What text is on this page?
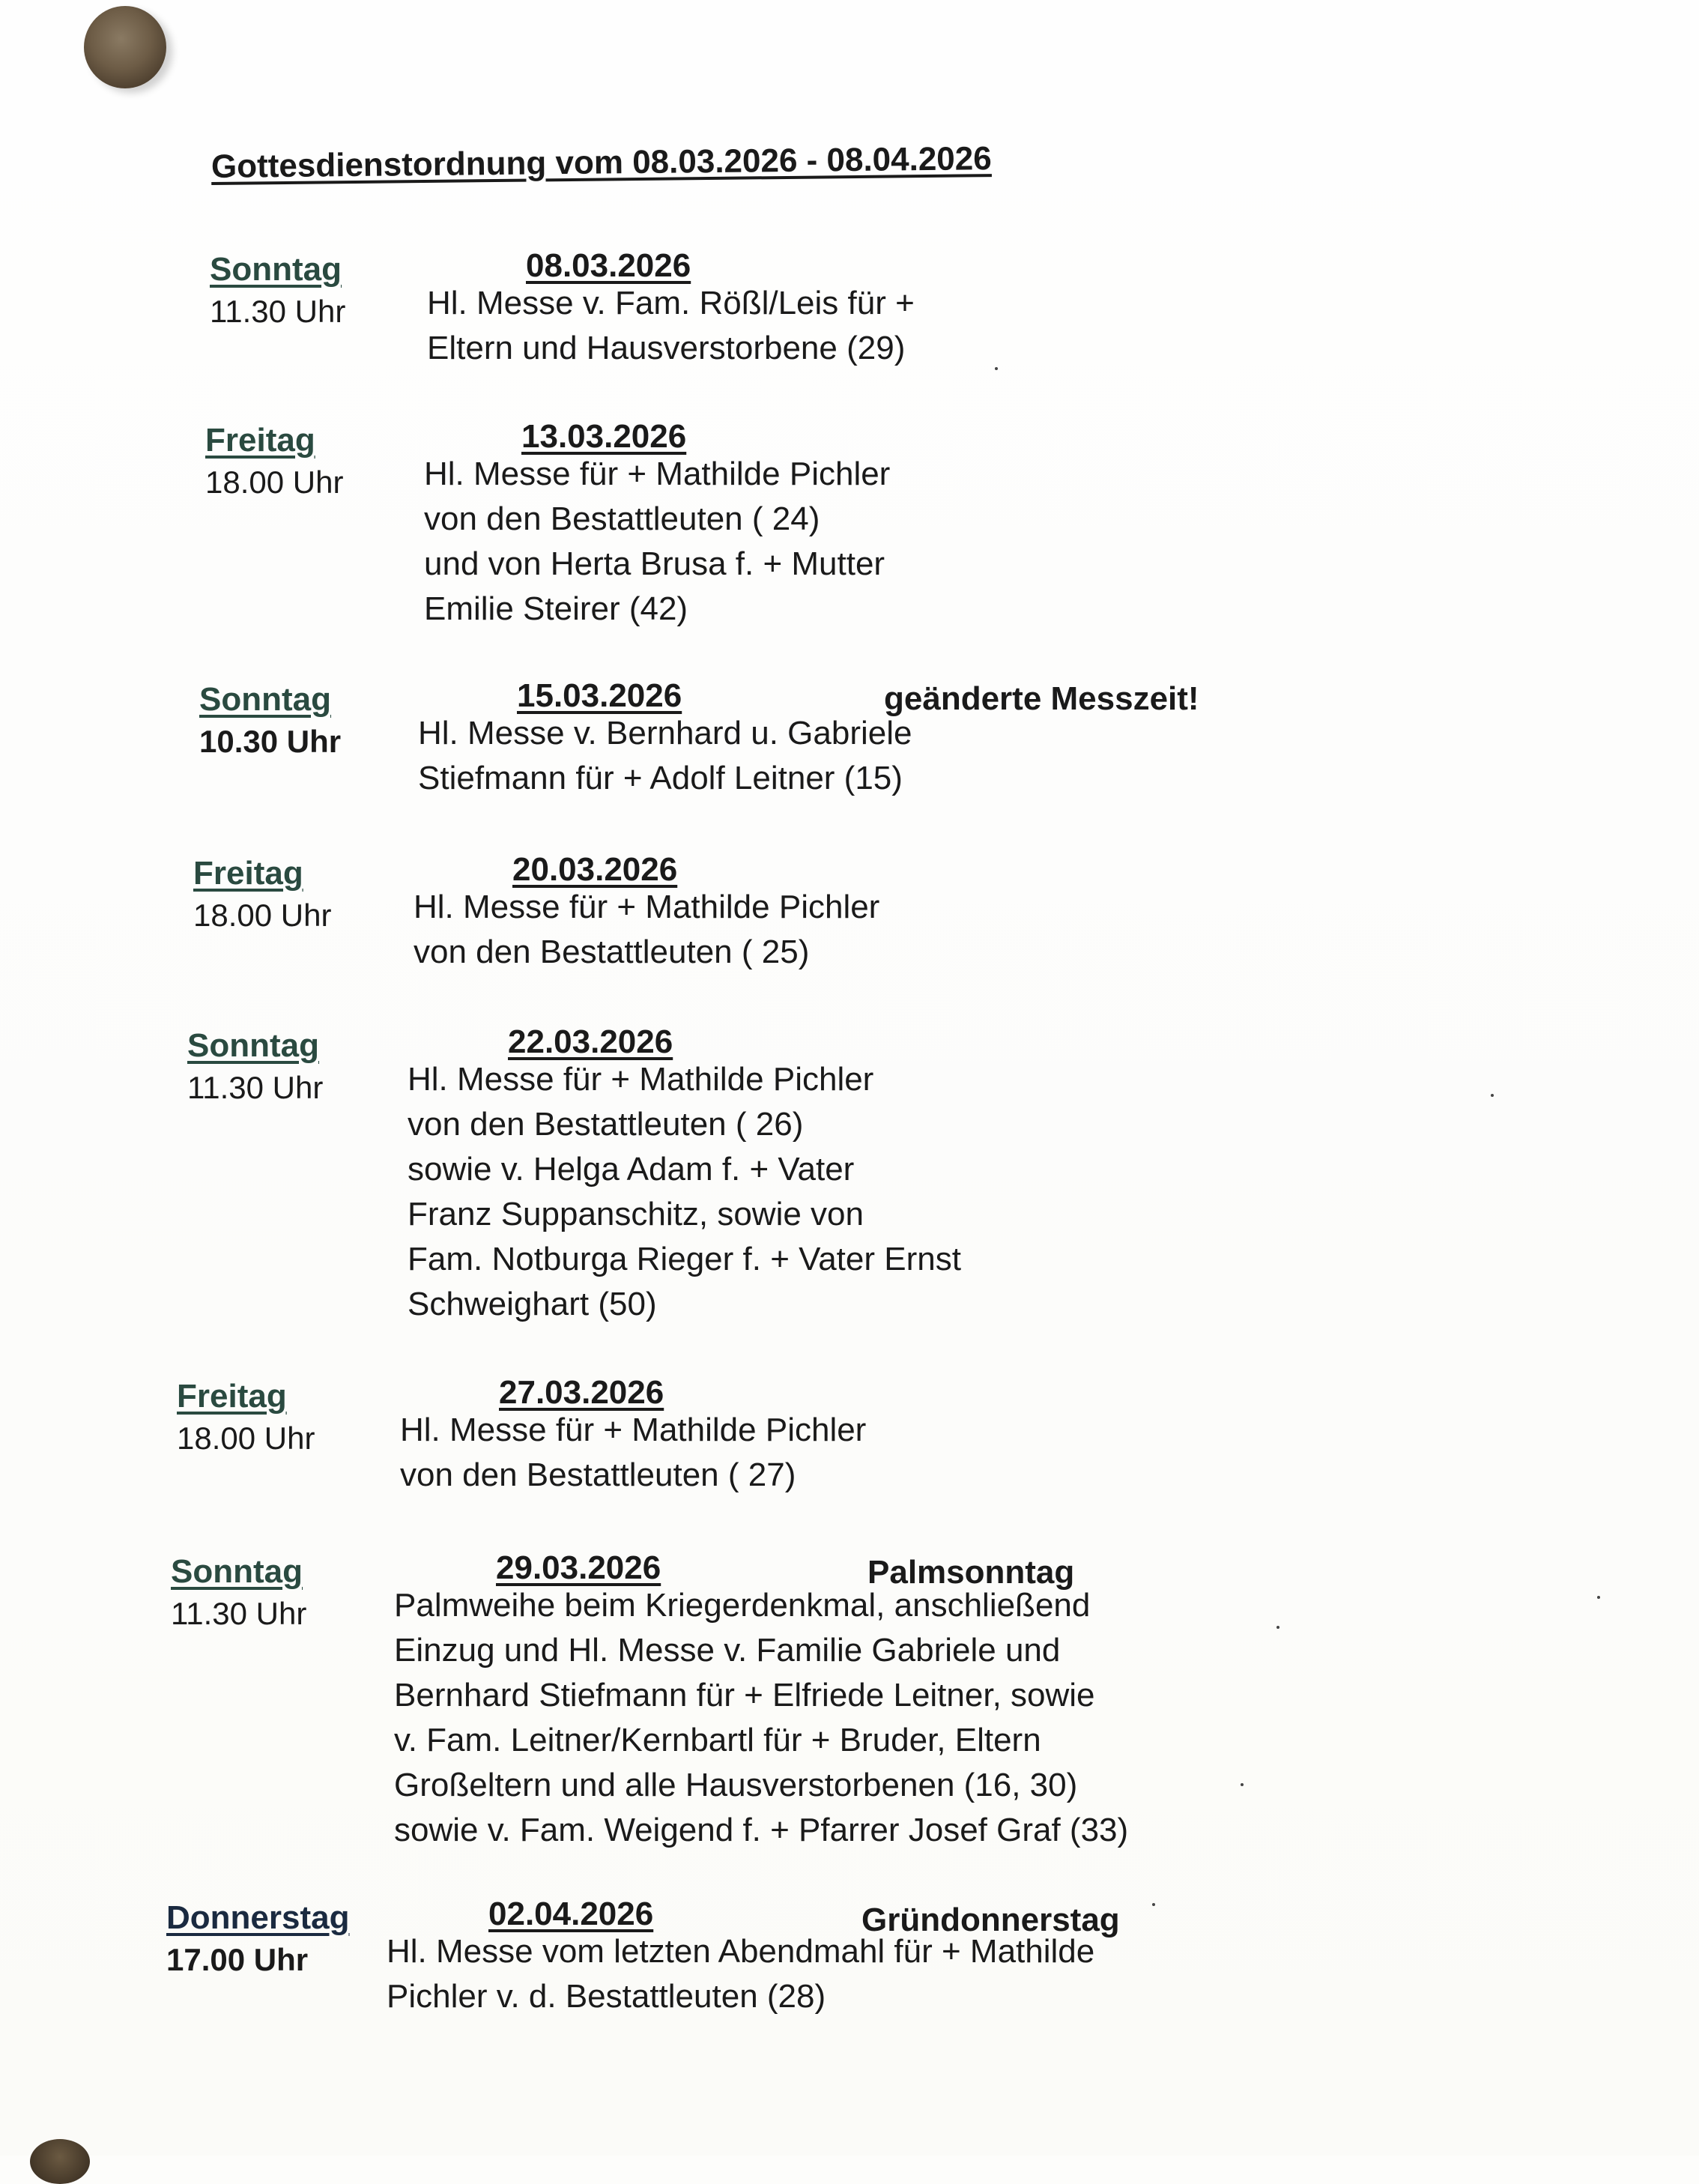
Gottesdienstordnung vom 08.03.2026 - 08.04.2026
Sonntag
11.30 Uhr
08.03.2026
Hl. Messe v. Fam. Rößl/Leis für +
Eltern und Hausverstorbene (29)
Freitag
18.00 Uhr
13.03.2026
Hl. Messe für + Mathilde Pichler
von den Bestattleuten ( 24)
und von Herta Brusa f. + Mutter
Emilie Steirer (42)
Sonntag
10.30 Uhr
15.03.2026	geänderte Messzeit!
Hl. Messe v. Bernhard u. Gabriele
Stiefmann für + Adolf Leitner (15)
Freitag
18.00 Uhr
20.03.2026
Hl. Messe für + Mathilde Pichler
von den Bestattleuten ( 25)
Sonntag
11.30 Uhr
22.03.2026
Hl. Messe für + Mathilde Pichler
von den Bestattleuten ( 26)
sowie v. Helga Adam f. + Vater
Franz Suppanschitz, sowie von
Fam. Notburga Rieger f. + Vater Ernst
Schweighart (50)
Freitag
18.00 Uhr
27.03.2026
Hl. Messe für + Mathilde Pichler
von den Bestattleuten ( 27)
Sonntag
11.30 Uhr
29.03.2026	Palmsonntag
Palmweihe beim Kriegerdenkmal, anschließend
Einzug und Hl. Messe v. Familie Gabriele und
Bernhard Stiefmann für + Elfriede Leitner, sowie
v. Fam. Leitner/Kernbartl für + Bruder, Eltern
Großeltern und alle Hausverstorbenen (16, 30)
sowie v. Fam. Weigend f. + Pfarrer Josef Graf (33)
Donnerstag
17.00 Uhr
02.04.2026	Gründonnerstag
Hl. Messe vom letzten Abendmahl für + Mathilde
Pichler v. d. Bestattleuten (28)
